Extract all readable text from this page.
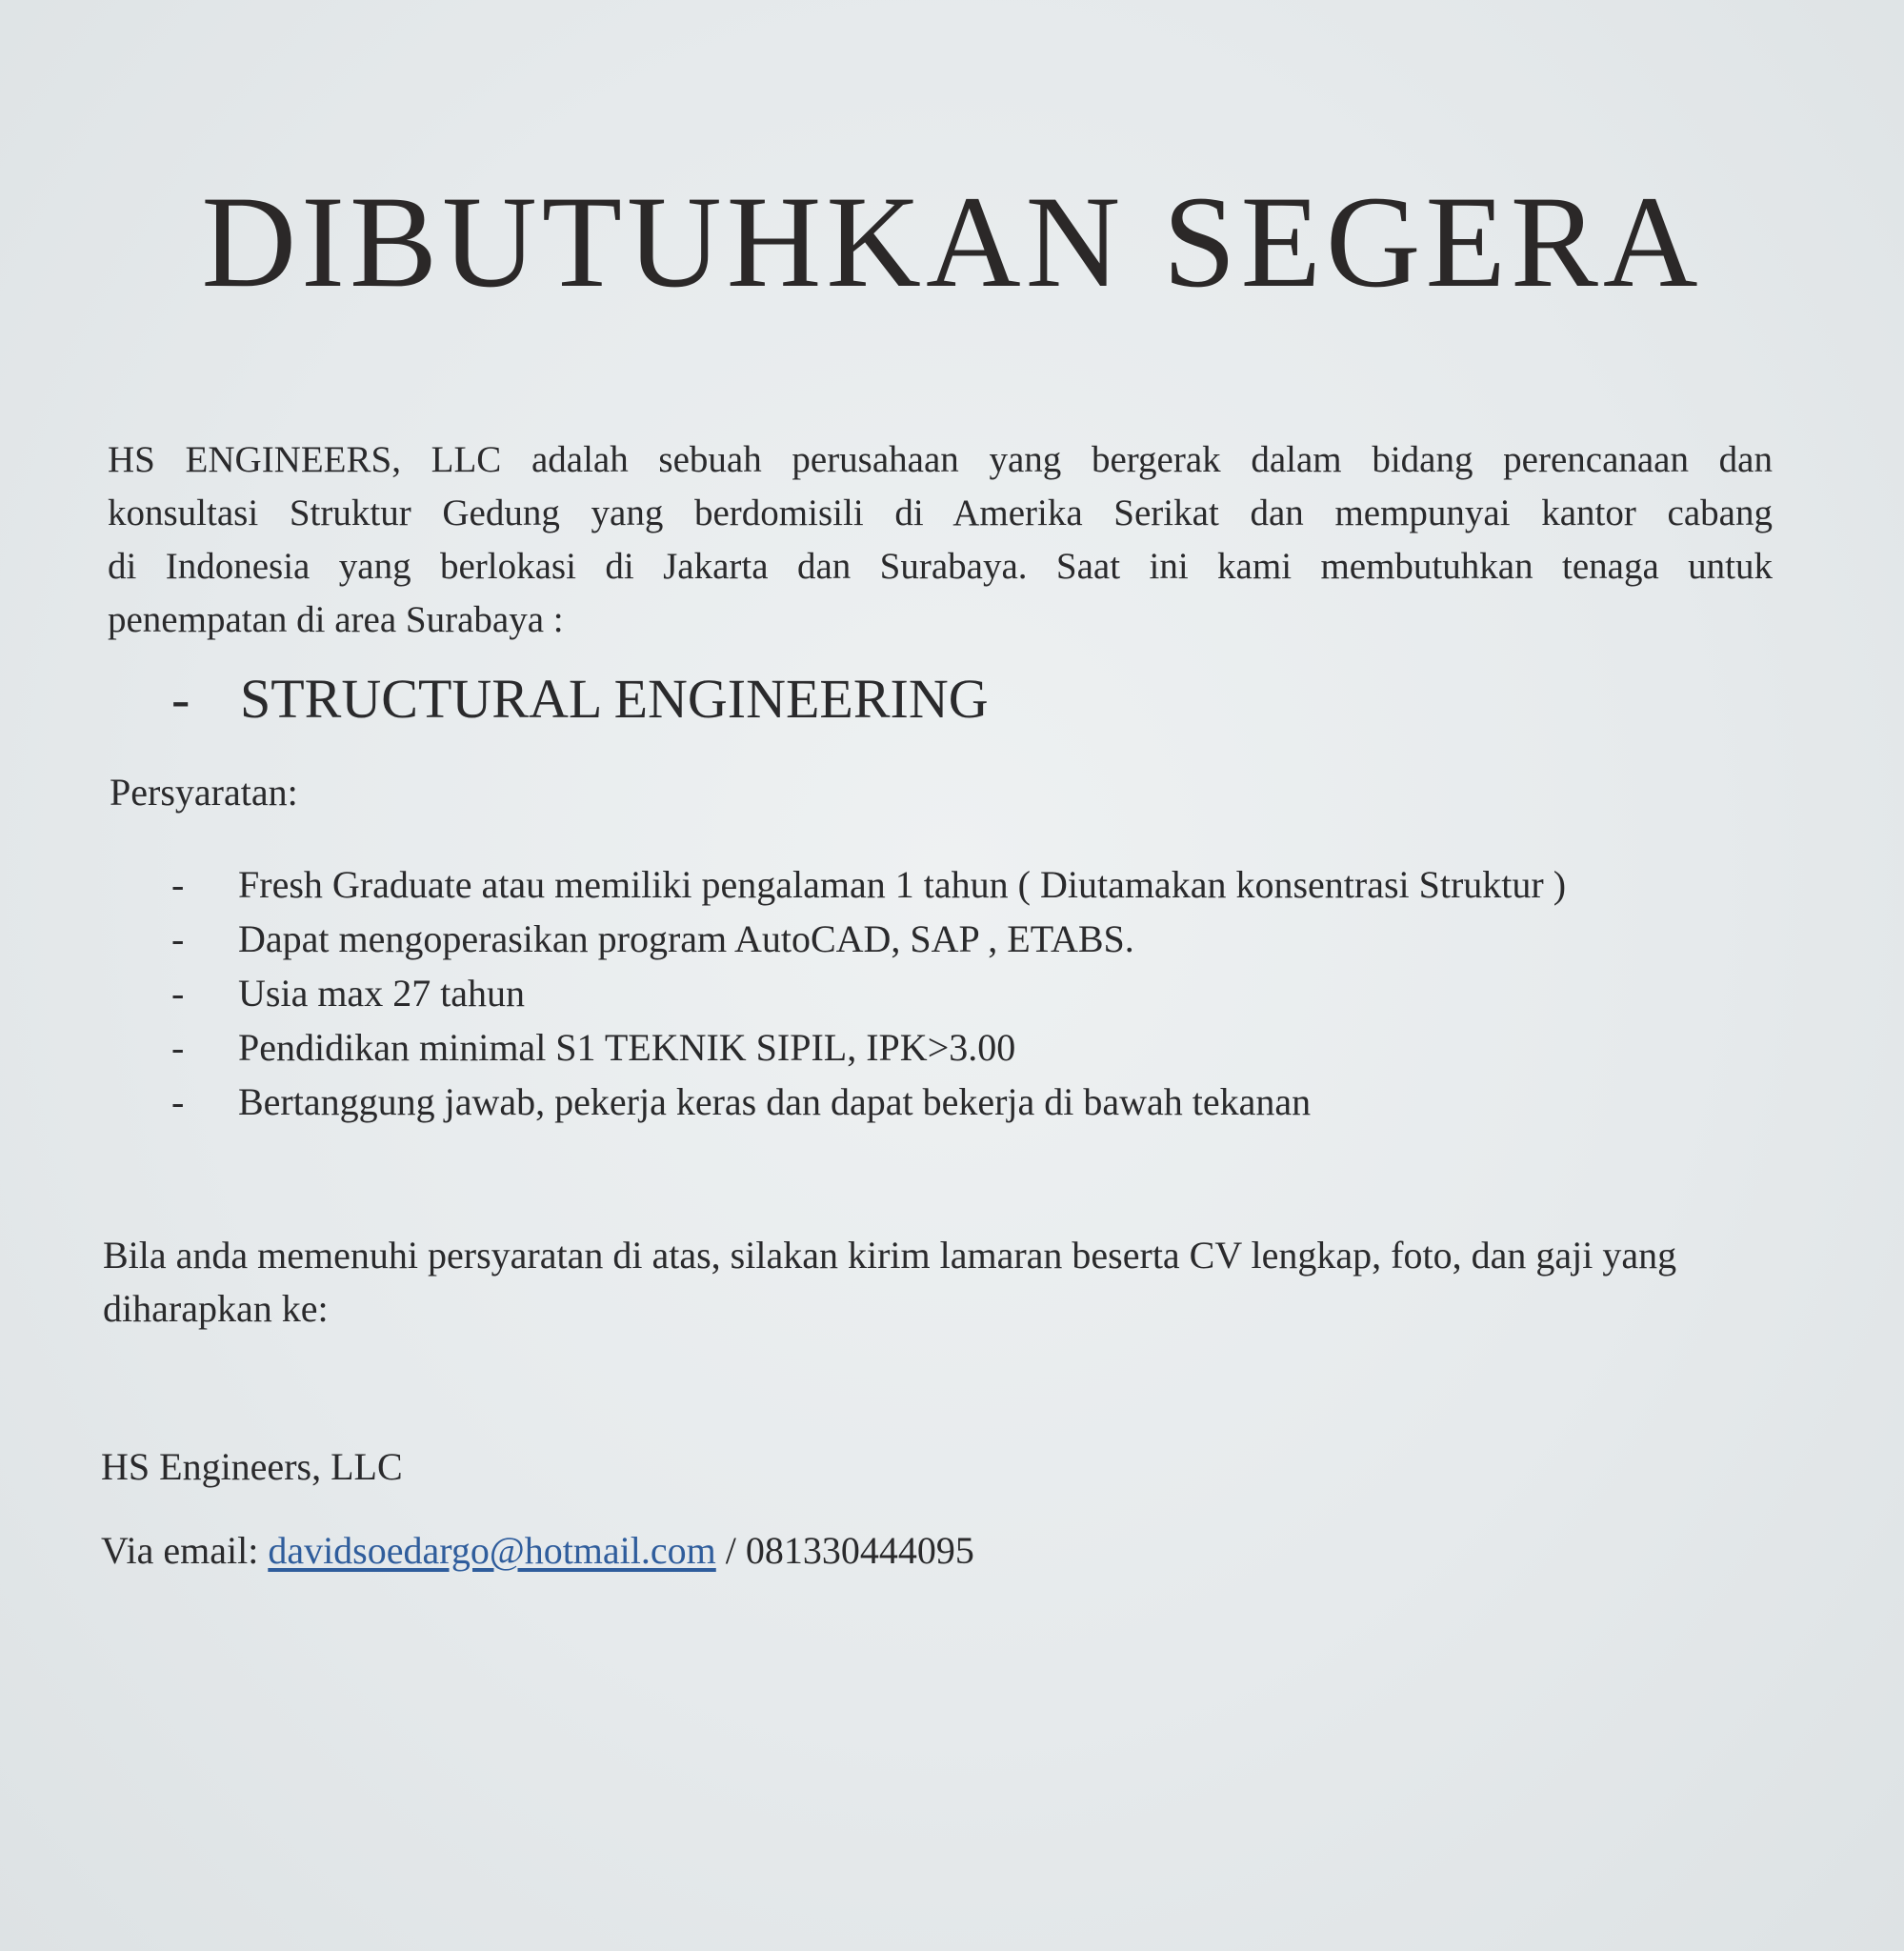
DIBUTUHKAN SEGERA
HS ENGINEERS, LLC adalah sebuah perusahaan yang bergerak dalam bidang perencanaan dan
konsultasi Struktur Gedung yang berdomisili di Amerika Serikat dan mempunyai kantor cabang
di Indonesia yang berlokasi di Jakarta dan Surabaya. Saat ini kami membutuhkan tenaga untuk
penempatan di area Surabaya :
- STRUCTURAL ENGINEERING
Persyaratan:
- Fresh Graduate atau memiliki pengalaman 1 tahun ( Diutamakan konsentrasi Struktur )
- Dapat mengoperasikan program AutoCAD, SAP , ETABS.
- Usia max 27 tahun
- Pendidikan minimal S1 TEKNIK SIPIL, IPK>3.00
- Bertanggung jawab, pekerja keras dan dapat bekerja di bawah tekanan
Bila anda memenuhi persyaratan di atas, silakan kirim lamaran beserta CV lengkap, foto, dan gaji yang diharapkan ke:
HS Engineers, LLC
Via email: davidsoedargo@hotmail.com / 081330444095
